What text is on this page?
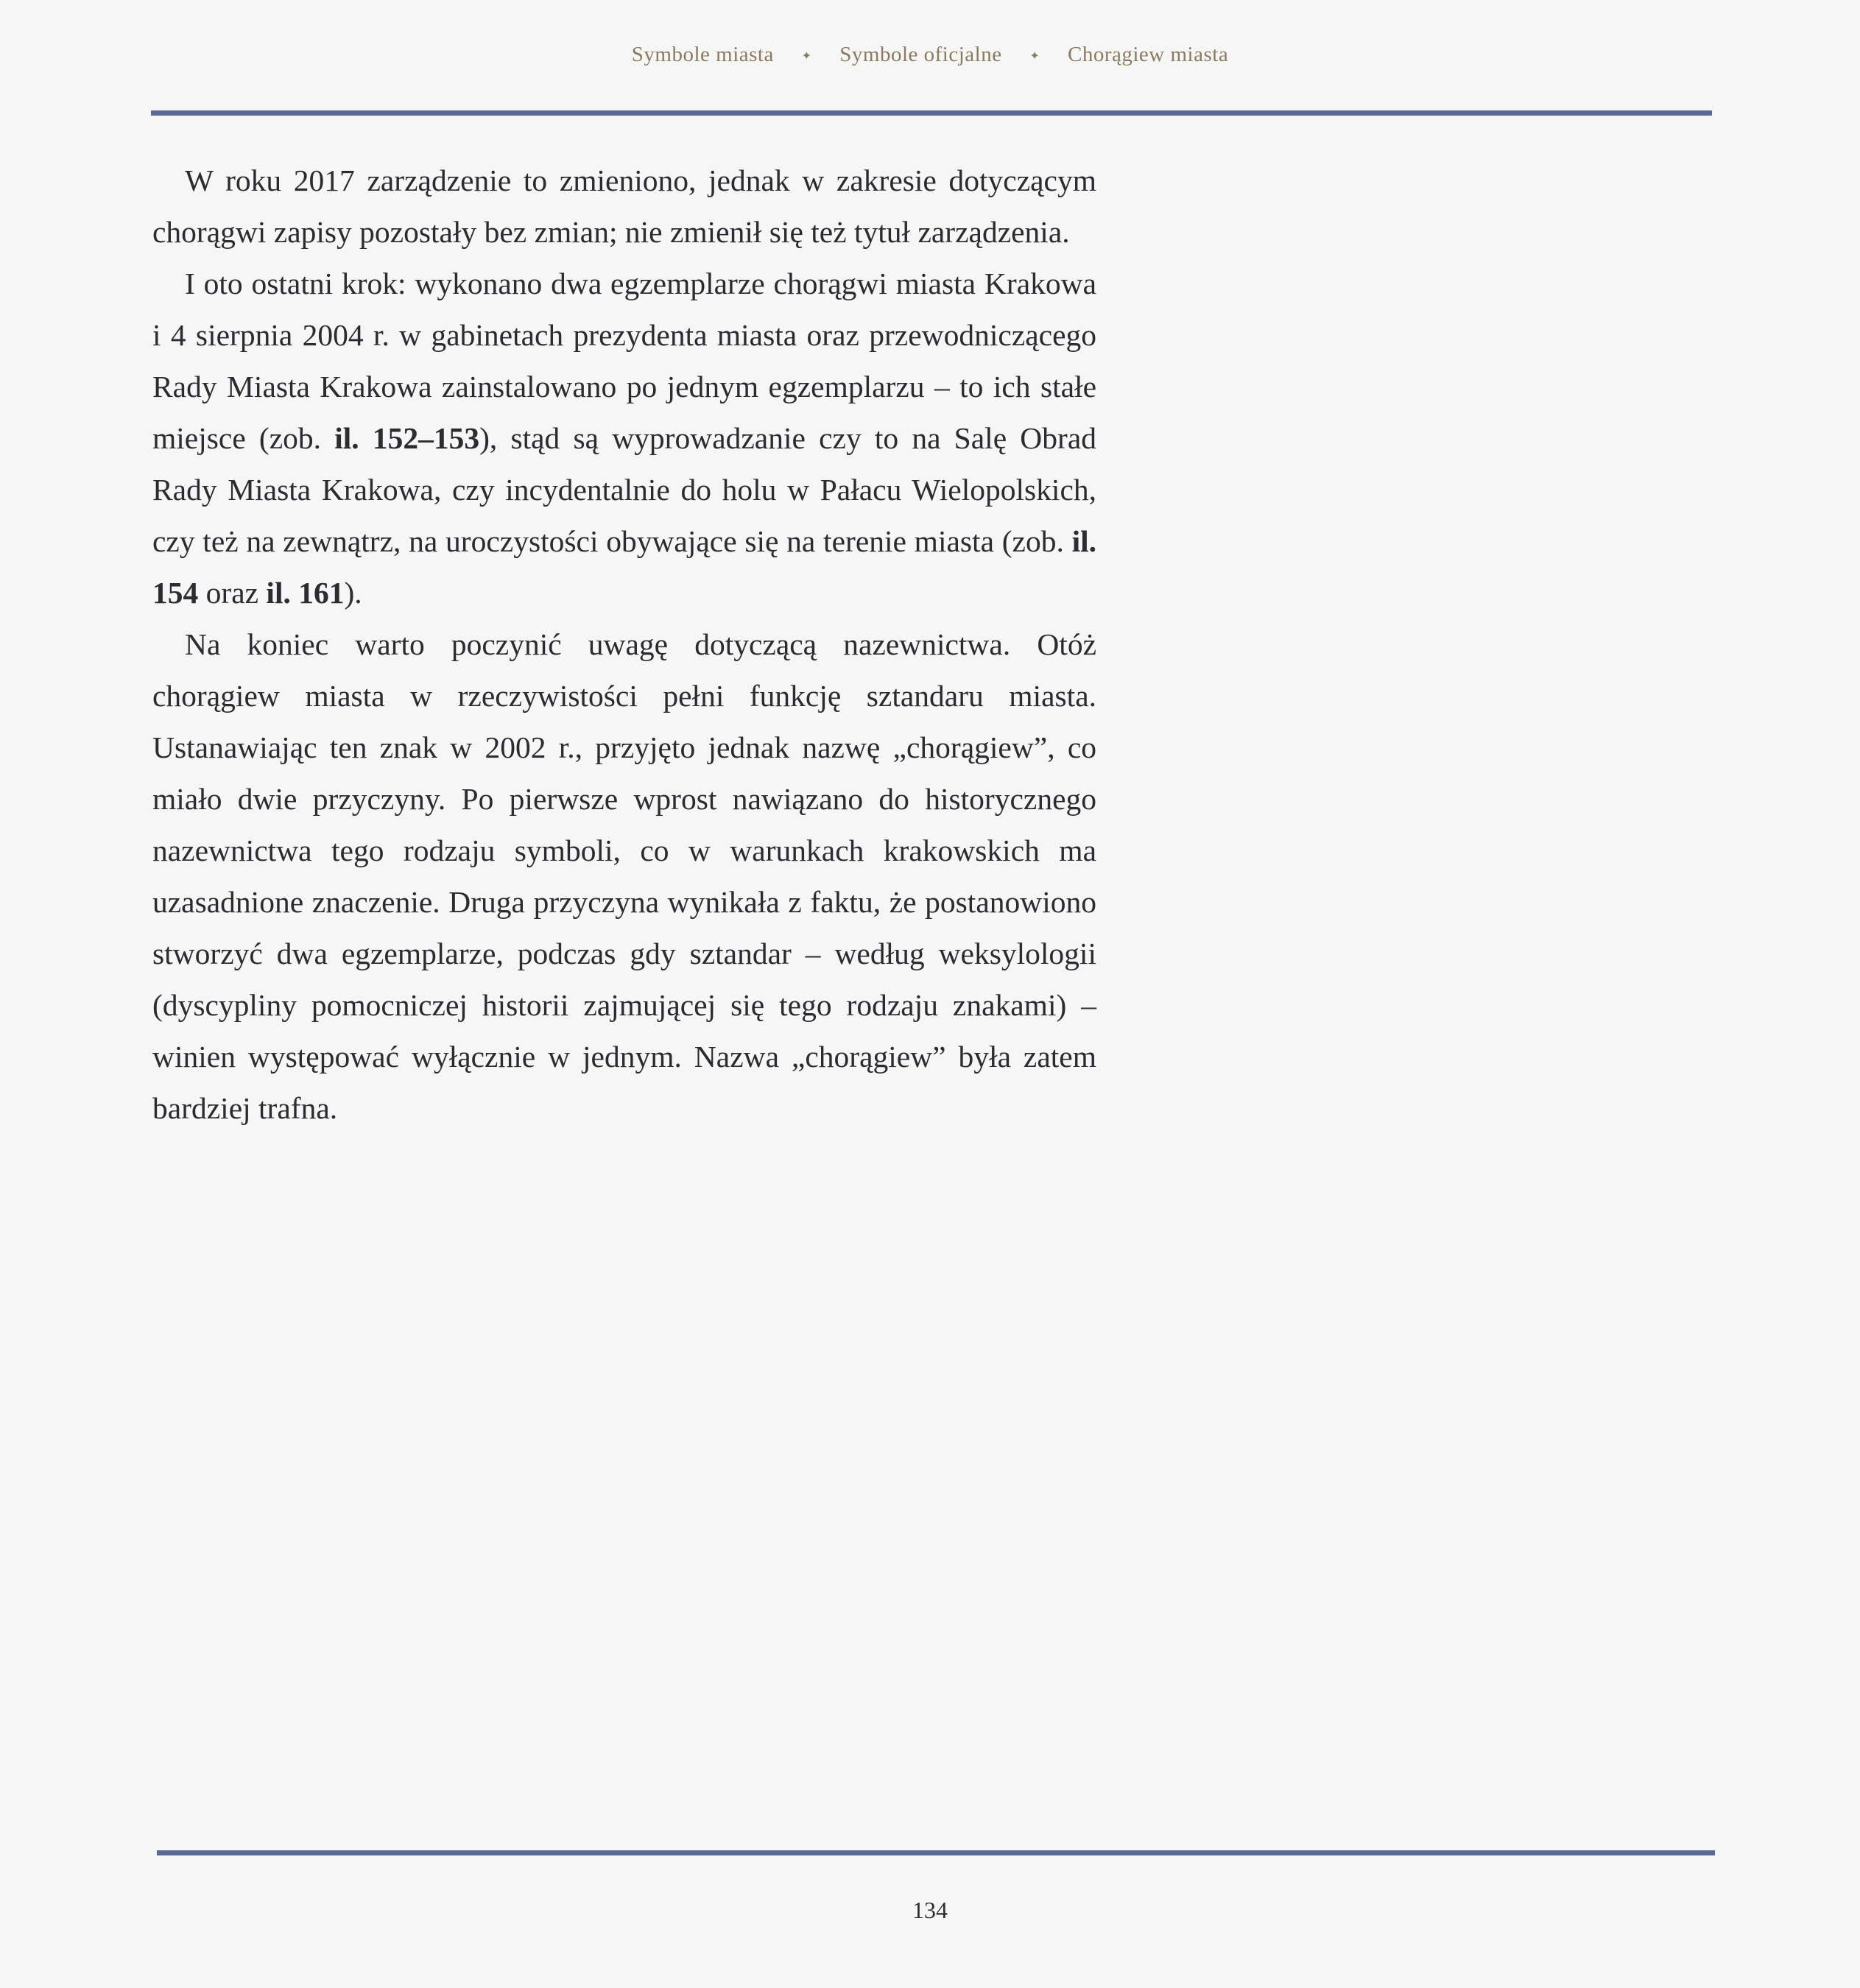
Symbole miasta ✦ Symbole oficjalne ✦ Chorągiew miasta

W roku 2017 zarządzenie to zmieniono, jednak w zakresie dotyczącym chorągwi zapisy pozostały bez zmian; nie zmienił się też tytuł zarządzenia.

I oto ostatni krok: wykonano dwa egzemplarze chorągwi miasta Krakowa i 4 sierpnia 2004 r. w gabinetach prezydenta miasta oraz przewodniczącego Rady Miasta Krakowa zainstalowano po jednym egzemplarzu – to ich stałe miejsce (zob. il. 152–153), stąd są wyprowadzanie czy to na Salę Obrad Rady Miasta Krakowa, czy incydentalnie do holu w Pałacu Wielopolskich, czy też na zewnątrz, na uroczystości obywające się na terenie miasta (zob. il. 154 oraz il. 161).

Na koniec warto poczynić uwagę dotyczącą nazewnictwa. Otóż chorągiew miasta w rzeczywistości pełni funkcję sztandaru miasta. Ustanawiając ten znak w 2002 r., przyjęto jednak nazwę „chorągiew”, co miało dwie przyczyny. Po pierwsze wprost nawiązano do historycznego nazewnictwa tego rodzaju symboli, co w warunkach krakowskich ma uzasadnione znaczenie. Druga przyczyna wynikała z faktu, że postanowiono stworzyć dwa egzemplarze, podczas gdy sztandar – według weksylologii (dyscypliny pomocniczej historii zajmującej się tego rodzaju znakami) – winien występować wyłącznie w jednym. Nazwa „chorągiew” była zatem bardziej trafna.

134
